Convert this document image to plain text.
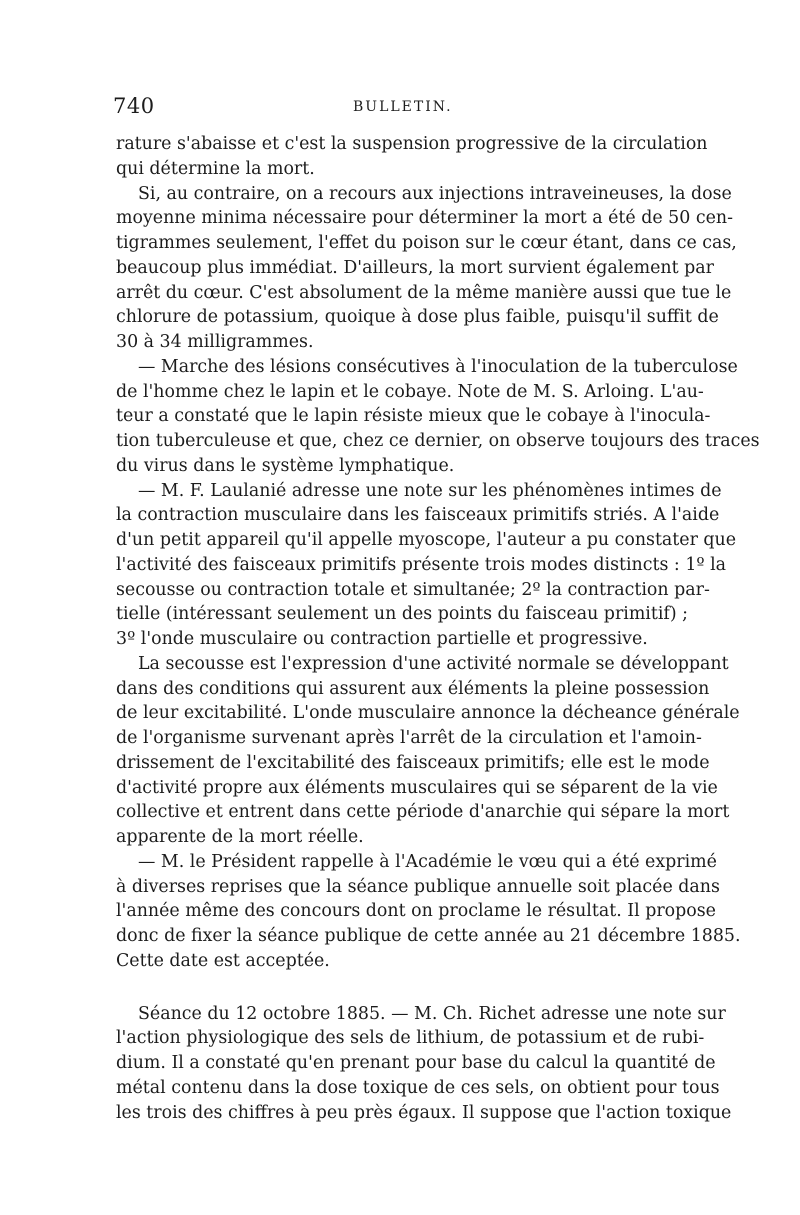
740	BULLETIN.
rature s'abaisse et c'est la suspension progressive de la circulation
qui détermine la mort.
Si, au contraire, on a recours aux injections intraveineuses, la dose
moyenne minima nécessaire pour déterminer la mort a été de 50 cen-
tigrammes seulement, l'effet du poison sur le cœur étant, dans ce cas,
beaucoup plus immédiat. D'ailleurs, la mort survient également par
arrêt du cœur. C'est absolument de la même manière aussi que tue le
chlorure de potassium, quoique à dose plus faible, puisqu'il suffit de
30 à 34 milligrammes.
— Marche des lésions consécutives à l'inoculation de la tuberculose
de l'homme chez le lapin et le cobaye. Note de M. S. Arloing. L'au-
teur a constaté que le lapin résiste mieux que le cobaye à l'inocula-
tion tuberculeuse et que, chez ce dernier, on observe toujours des traces
du virus dans le système lymphatique.
— M. F. Laulanié adresse une note sur les phénomènes intimes de
la contraction musculaire dans les faisceaux primitifs striés. A l'aide
d'un petit appareil qu'il appelle myoscope, l'auteur a pu constater que
l'activité des faisceaux primitifs présente trois modes distincts : 1º la
secousse ou contraction totale et simultanée; 2º la contraction par-
tielle (intéressant seulement un des points du faisceau primitif) ;
3º l'onde musculaire ou contraction partielle et progressive.
La secousse est l'expression d'une activité normale se développant
dans des conditions qui assurent aux éléments la pleine possession
de leur excitabilité. L'onde musculaire annonce la décheance générale
de l'organisme survenant après l'arrêt de la circulation et l'amoin-
drissement de l'excitabilité des faisceaux primitifs; elle est le mode
d'activité propre aux éléments musculaires qui se séparent de la vie
collective et entrent dans cette période d'anarchie qui sépare la mort
apparente de la mort réelle.
— M. le Président rappelle à l'Académie le vœu qui a été exprimé
à diverses reprises que la séance publique annuelle soit placée dans
l'année même des concours dont on proclame le résultat. Il propose
donc de fixer la séance publique de cette année au 21 décembre 1885.
Cette date est acceptée.
Séance du 12 octobre 1885. — M. Ch. Richet adresse une note sur
l'action physiologique des sels de lithium, de potassium et de rubi-
dium. Il a constaté qu'en prenant pour base du calcul la quantité de
métal contenu dans la dose toxique de ces sels, on obtient pour tous
les trois des chiffres à peu près égaux. Il suppose que l'action toxique
